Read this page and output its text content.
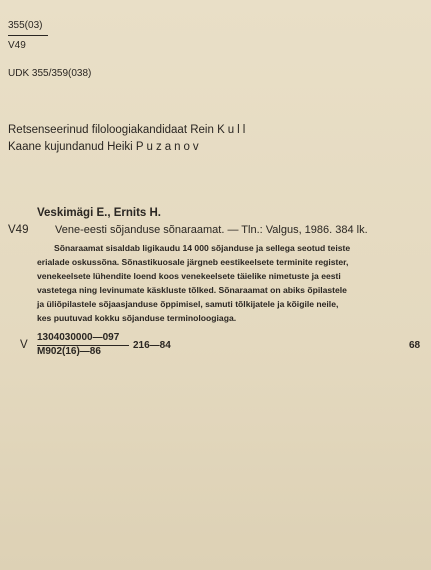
355(03)
V49
UDK 355/359(038)
Retsenseerinud filoloogiakandidaat Rein Kull
Kaane kujundanud Heiki Puzanov
Veskimägi E., Ernits H.
V49 Vene-eesti sõjanduse sõnaraamat. — Tln.: Valgus, 1986. 384 lk.
Sõnaraamat sisaldab ligikaudu 14 000 sõjanduse ja sellega seotud teiste
erialade oskussõna. Sõnastikuosale järgneb eestikeelsete terminite register,
venekeelsete lühendite loend koos venekeelsete täielike nimetuste ja eesti
vastetega ning levinumate käskluste tõlked. Sõnaraamat on abiks õpilastele
ja üliõpilastele sõjaasjanduse õppimisel, samuti tõlkijatele ja kõigile neile,
kes puutuvad kokku sõjanduse terminoloogiaga.
V
1304030000—097
M902(16)—86
216—84	68
